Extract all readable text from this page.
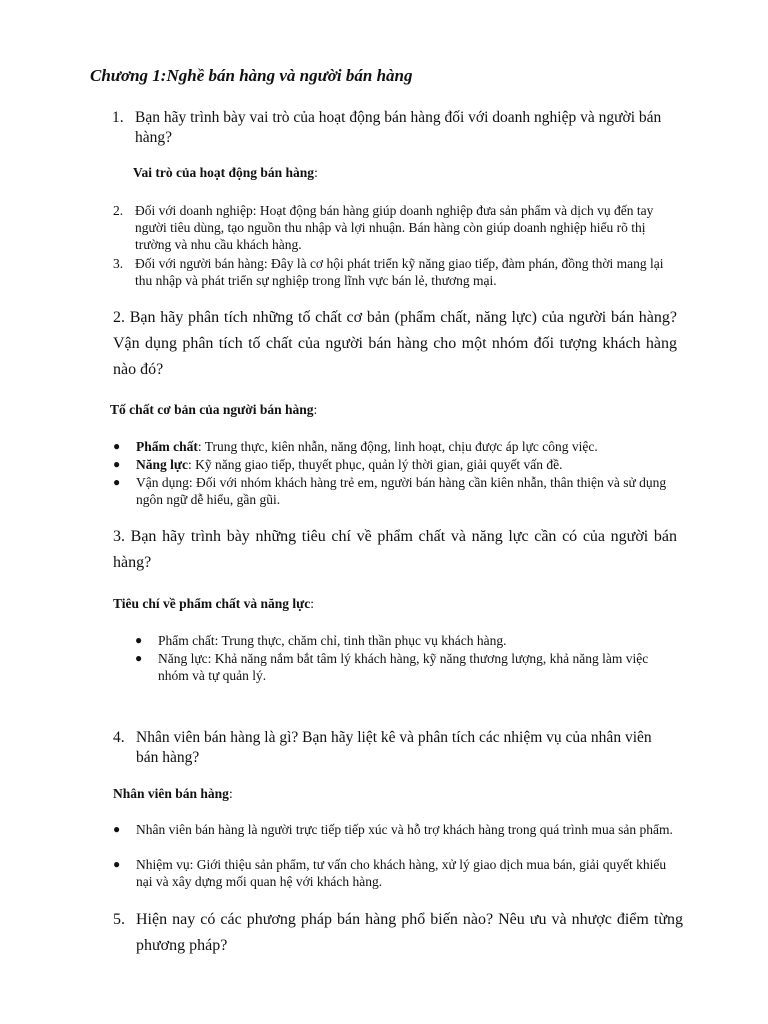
Chương 1:Nghề bán hàng và người bán hàng
1. Bạn hãy trình bày vai trò của hoạt động bán hàng đối với doanh nghiệp và người bán hàng?
Vai trò của hoạt động bán hàng:
2. Đối với doanh nghiệp: Hoạt động bán hàng giúp doanh nghiệp đưa sản phẩm và dịch vụ đến tay người tiêu dùng, tạo nguồn thu nhập và lợi nhuận. Bán hàng còn giúp doanh nghiệp hiểu rõ thị trường và nhu cầu khách hàng.
3. Đối với người bán hàng: Đây là cơ hội phát triển kỹ năng giao tiếp, đàm phán, đồng thời mang lại thu nhập và phát triển sự nghiệp trong lĩnh vực bán lẻ, thương mại.
2. Bạn hãy phân tích những tố chất cơ bản (phẩm chất, năng lực) của người bán hàng? Vận dụng phân tích tố chất của người bán hàng cho một nhóm đối tượng khách hàng nào đó?
Tố chất cơ bản của người bán hàng:
● Phẩm chất: Trung thực, kiên nhẫn, năng động, linh hoạt, chịu được áp lực công việc.
● Năng lực: Kỹ năng giao tiếp, thuyết phục, quản lý thời gian, giải quyết vấn đề.
● Vận dụng: Đối với nhóm khách hàng trẻ em, người bán hàng cần kiên nhẫn, thân thiện và sử dụng ngôn ngữ dễ hiểu, gần gũi.
3. Bạn hãy trình bày những tiêu chí về phẩm chất và năng lực cần có của người bán hàng?
Tiêu chí về phẩm chất và năng lực:
● Phẩm chất: Trung thực, chăm chỉ, tinh thần phục vụ khách hàng.
● Năng lực: Khả năng nắm bắt tâm lý khách hàng, kỹ năng thương lượng, khả năng làm việc nhóm và tự quản lý.
4. Nhân viên bán hàng là gì? Bạn hãy liệt kê và phân tích các nhiệm vụ của nhân viên bán hàng?
Nhân viên bán hàng:
● Nhân viên bán hàng là người trực tiếp tiếp xúc và hỗ trợ khách hàng trong quá trình mua sản phẩm.
● Nhiệm vụ: Giới thiệu sản phẩm, tư vấn cho khách hàng, xử lý giao dịch mua bán, giải quyết khiếu nại và xây dựng mối quan hệ với khách hàng.
5. Hiện nay có các phương pháp bán hàng phổ biến nào? Nêu ưu và nhược điểm từng phương pháp?
